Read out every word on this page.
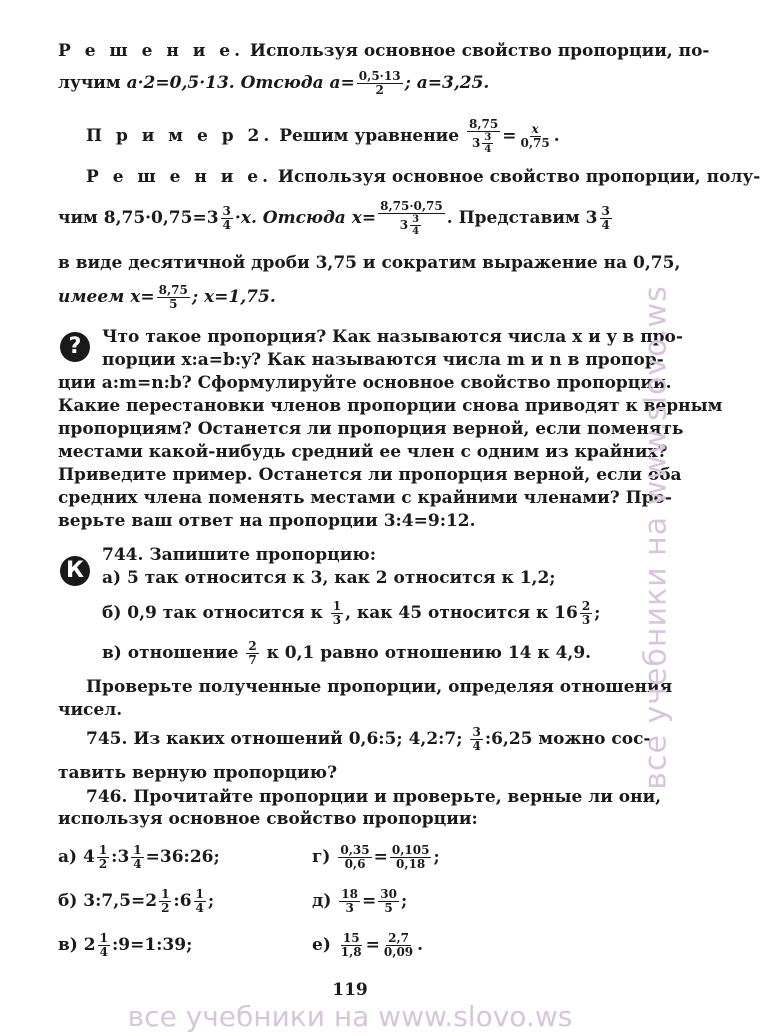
Р е ш е н и е. Используя основное свойство пропорции, по-
лучим a·2=0,5·13. Отсюда $a= \frac{0,5\cdot 13}{2}$ ; a=3,25.
П р и м е р 2. Решим уравнение $\frac{8,75}{3 \frac{3}{4}} = \frac{x}{0,75}$ .
Р е ш е н и е. Используя основное свойство пропорции, полу-
чим $8,75\cdot 0,75=3 \frac{3}{4} \cdot x$. Отсюда $x= \frac{8,75\cdot 0,75}{3 \frac{3}{4}}$ . Представим $3 \frac{3}{4}$
в виде десятичной дроби 3,75 и сократим выражение на 0,75,
имеем $x= \frac{8,75}{5}$ ; x=1,75.
?	Что такое пропорция? Как называются числа x и y в про-
порции x:a=b:y? Как называются числа m и n в пропор-
ции a:m=n:b? Сформулируйте основное свойство пропорции.
Какие перестановки членов пропорции снова приводят к верным
пропорциям? Останется ли пропорция верной, если поменять
местами какой-нибудь средний ее член с одним из крайних?
Приведите пример. Останется ли пропорция верной, если оба
средних члена поменять местами с крайними членами? Про-
верьте ваш ответ на пропорции 3:4=9:12.
К
744. Запишите пропорцию:
а) 5 так относится к 3, как 2 относится к 1,2;
б) 0,9 так относится к $\frac{1}{3}$ , как 45 относится к $16 \frac{2}{3}$ ;
в) отношение $\frac{2}{7}$ к 0,1 равно отношению 14 к 4,9.
Проверьте полученные пропорции, определяя отношения
чисел.
745. Из каких отношений 0,6:5; 4,2:7; $\frac{3}{4}$ :6,25 можно сос-
тавить верную пропорцию?
746. Прочитайте пропорции и проверьте, верные ли они,
используя основное свойство пропорции:
а) $4 \frac{1}{2}$ :3 $\frac{1}{4}$ =36:26;	$г) \frac{0,35}{0,6} = \frac{0,105}{0,18}$ ;
б) 3:7,5=2 $\frac{1}{2}$ :6 $\frac{1}{4}$ ;	$д) \frac{18}{3} = \frac{30}{5}$ ;
в) $2 \frac{1}{4}$ :9=1:39;	$е) \frac{15}{1,8} = \frac{2,7}{0,09}$ .
119
все учебники на www.slovo.ws
все учебники на www.slovo.ws
